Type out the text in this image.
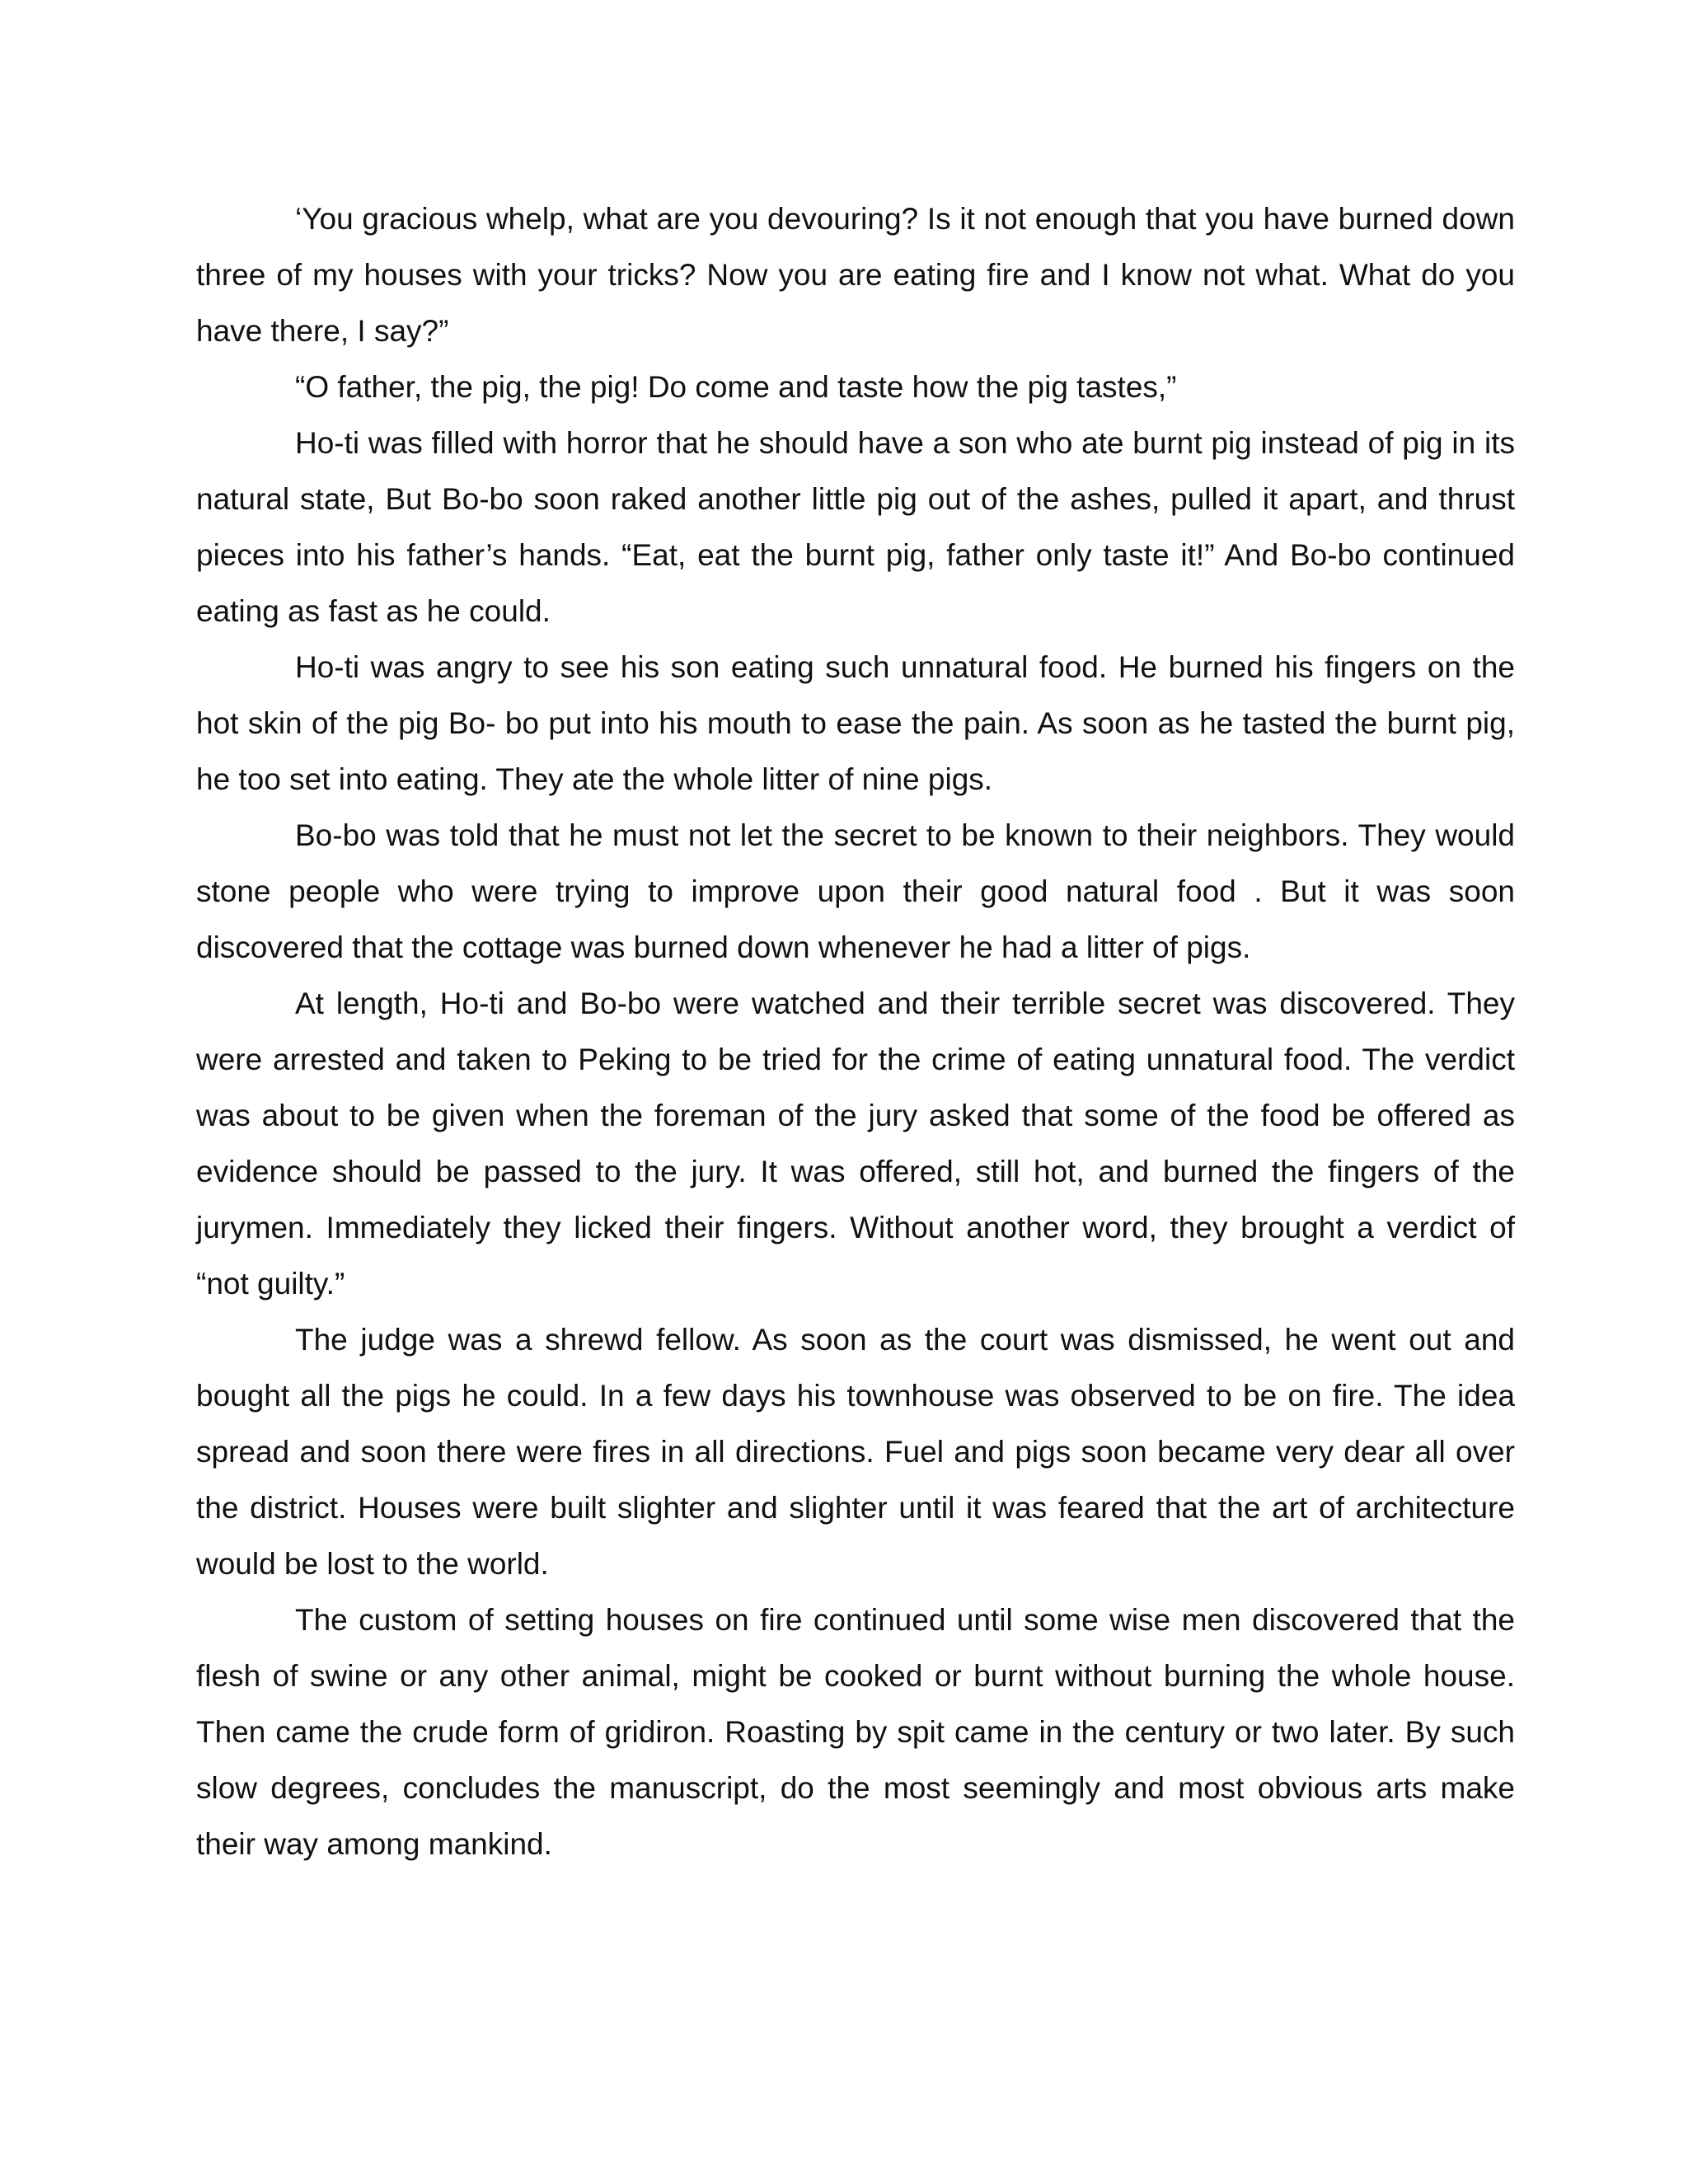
‘You gracious whelp, what are you devouring? Is it not enough that you have burned down three of my houses with your tricks? Now you are eating fire and I know not what. What do you have there, I say?”

“O father, the pig, the pig! Do come and taste how the pig tastes,”

Ho-ti was filled with horror that he should have a son who ate burnt pig instead of pig in its natural state, But Bo-bo soon raked another little pig out of the ashes, pulled it apart, and thrust pieces into his father’s hands. “Eat, eat the burnt pig, father only taste it!” And Bo-bo continued eating as fast as he could.

Ho-ti was angry to see his son eating such unnatural food. He burned his fingers on the hot skin of the pig Bo- bo put into his mouth to ease the pain. As soon as he tasted the burnt pig, he too set into eating. They ate the whole litter of nine pigs.

Bo-bo was told that he must not let the secret to be known to their neighbors. They would stone people who were trying to improve upon their good natural food . But it was soon discovered that the cottage was burned down whenever he had a litter of pigs.

At length, Ho-ti and Bo-bo were watched and their terrible secret was discovered. They were arrested and taken to Peking to be tried for the crime of eating unnatural food. The verdict was about to be given when the foreman of the jury asked that some of the food be offered as evidence should be passed to the jury. It was offered, still hot, and burned the fingers of the jurymen. Immediately they licked their fingers. Without another word, they brought a verdict of “not guilty.”

The judge was a shrewd fellow. As soon as the court was dismissed, he went out and bought all the pigs he could. In a few days his townhouse was observed to be on fire. The idea spread and soon there were fires in all directions. Fuel and pigs soon became very dear all over the district. Houses were built slighter and slighter until it was feared that the art of architecture would be lost to the world.

The custom of setting houses on fire continued until some wise men discovered that the flesh of swine or any other animal, might be cooked or burnt without burning the whole house. Then came the crude form of gridiron. Roasting by spit came in the century or two later. By such slow degrees, concludes the manuscript, do the most seemingly and most obvious arts make their way among mankind.
